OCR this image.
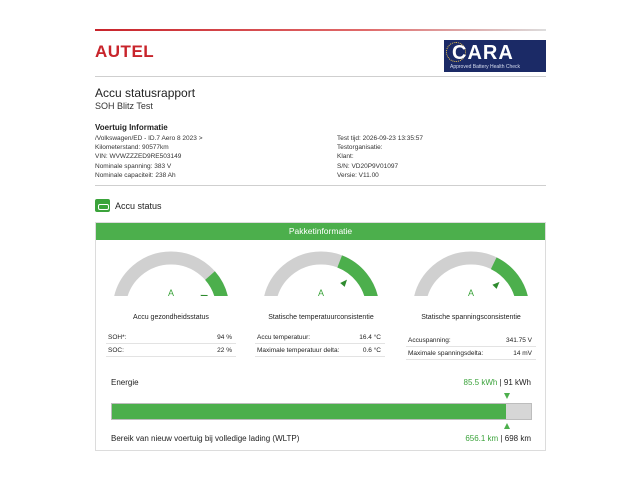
AUTEL	CARA
Approved Battery Health Check
Accu statusrapport
SOH Blitz Test
Voertuig Informatie
/Volkswagen/ED - ID.7 Aero 8 2023 >
Kilometerstand: 90577km
VIN: WVWZZZED9RE503149
Nominale spanning: 383 V
Nominale capaciteit: 238 Ah
Test tijd: 2026-09-23 13:35:57
Testorganisatie:
Klant:
S/N: VD20P9V01097
Versie: V11.00
Accu status
Pakketinformatie
A
Accu gezondheidsstatus
A
Statische temperatuurconsistentie
A
Statische spanningsconsistentie
SOH*:	94 %
SOC:	22 %
Accu temperatuur:	16.4 °C
Maximale temperatuur delta:	0.6 °C
Accuspanning:	341.75 V
Maximale spanningsdelta:	14 mV
Energie	85.5 kWh | 91 kWh
Bereik van nieuw voertuig bij volledige lading (WLTP)	656.1 km | 698 km
